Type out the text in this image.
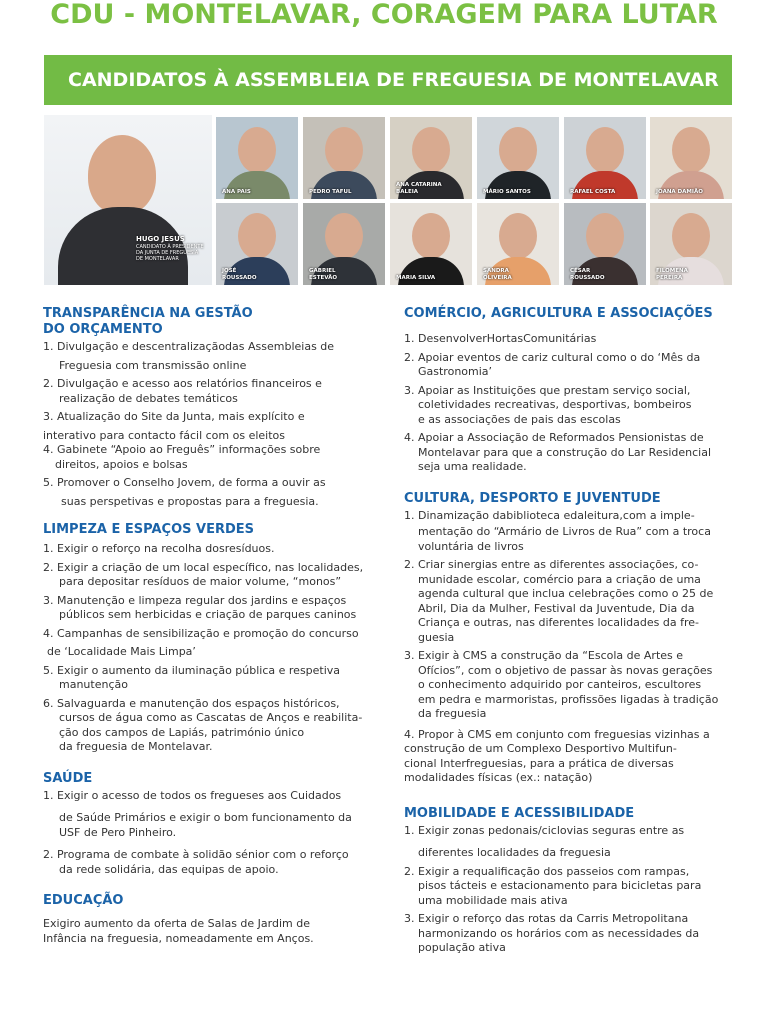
CDU - MONTELAVAR, CORAGEM PARA LUTAR
CANDIDATOS À ASSEMBLEIA DE FREGUESIA DE MONTELAVAR
HUGO JESUS
CANDIDATO À PRESIDENTE DA JUNTA DE FREGUESIA DE MONTELAVAR
ANA PAIS	PEDRO TAFUL
ANA CATARINA BALEIA	MÁRIO SANTOS	RAFAEL COSTA	JOANA DAMIÃO
JOSÉ ROUSSADO
GABRIEL ESTEVÃO	MARIA SILVA
SANDRA OLIVEIRA
CÉSAR ROUSSADO
FILOMENA PEREIRA
TRANSPARÊNCIA NA GESTÃO
DO ORÇAMENTO
1. Divulgação e descentralizaçãodas Assembleias de
Freguesia com transmissão online
2. Divulgação e acesso aos relatórios financeiros e
realização de debates temáticos
3. Atualização do Site da Junta, mais explícito e
interativo para contacto fácil com os eleitos
4. Gabinete “Apoio ao Freguês” informações sobre
direitos, apoios e bolsas
5. Promover o Conselho Jovem, de forma a ouvir as
suas perspetivas e propostas para a freguesia.
LIMPEZA E ESPAÇOS VERDES
1. Exigir o reforço na recolha dosresíduos.
2. Exigir a criação de um local específico, nas localidades,
para depositar resíduos de maior volume, “monos”
3. Manutenção e limpeza regular dos jardins e espaços
públicos sem herbicidas e criação de parques caninos
4. Campanhas de sensibilização e promoção do concurso
de ‘Localidade Mais Limpa’
5. Exigir o aumento da iluminação pública e respetiva
manutenção
6. Salvaguarda e manutenção dos espaços históricos,
cursos de água como as Cascatas de Anços e reabilita-
ção dos campos de Lapiás, património único
da freguesia de Montelavar.
SAÚDE
1. Exigir o acesso de todos os fregueses aos Cuidados
de Saúde Primários e exigir o bom funcionamento da
USF de Pero Pinheiro.
2. Programa de combate à solidão sénior com o reforço
da rede solidária, das equipas de apoio.
EDUCAÇÃO
Exigiro aumento da oferta de Salas de Jardim de
Infância na freguesia, nomeadamente em Anços.
COMÉRCIO, AGRICULTURA E ASSOCIAÇÕES
1. DesenvolverHortasComunitárias
2. Apoiar eventos de cariz cultural como o do ‘Mês da
Gastronomia’
3. Apoiar as Instituições que prestam serviço social,
coletividades recreativas, desportivas, bombeiros
e as associações de pais das escolas
4. Apoiar a Associação de Reformados Pensionistas de
Montelavar para que a construção do Lar Residencial
seja uma realidade.
CULTURA, DESPORTO E JUVENTUDE
1. Dinamização dabiblioteca edaleitura,com a imple-
mentação do “Armário de Livros de Rua” com a troca
voluntária de livros
2. Criar sinergias entre as diferentes associações, co-
munidade escolar, comércio para a criação de uma
agenda cultural que inclua celebrações como o 25 de
Abril, Dia da Mulher, Festival da Juventude, Dia da
Criança e outras, nas diferentes localidades da fre-
guesia
3. Exigir à CMS a construção da “Escola de Artes e
Ofícios”, com o objetivo de passar às novas gerações
o conhecimento adquirido por canteiros, escultores
em pedra e marmoristas, profissões ligadas à tradição
da freguesia
4. Propor à CMS em conjunto com freguesias vizinhas a
construção de um Complexo Desportivo Multifun-
cional Interfreguesias, para a prática de diversas
modalidades físicas (ex.: natação)
MOBILIDADE E ACESSIBILIDADE
1. Exigir zonas pedonais/ciclovias seguras entre as
diferentes localidades da freguesia
2. Exigir a requalificação dos passeios com rampas,
pisos tácteis e estacionamento para bicicletas para
uma mobilidade mais ativa
3. Exigir o reforço das rotas da Carris Metropolitana
harmonizando os horários com as necessidades da
população ativa
